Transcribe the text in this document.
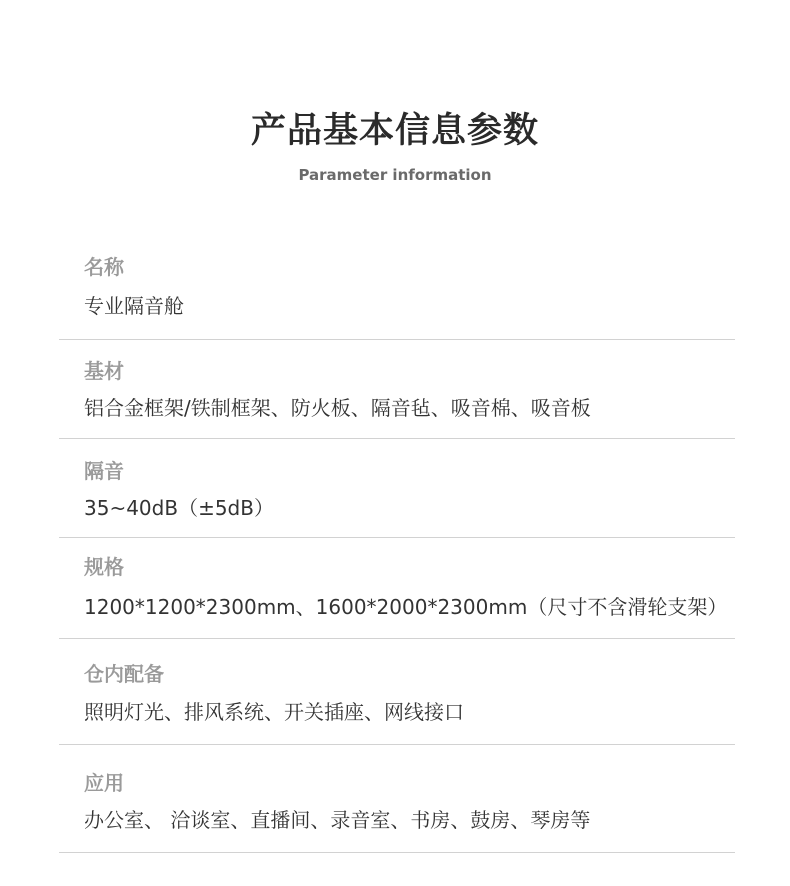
产品基本信息参数
Parameter information
名称
专业隔音舱
基材
铝合金框架/铁制框架、防火板、隔音毡、吸音棉、吸音板
隔音
35~40dB（±5dB）
规格
1200*1200*2300mm、1600*2000*2300mm（尺寸不含滑轮支架）
仓内配备
照明灯光、排风系统、开关插座、网线接口
应用
办公室、 洽谈室、直播间、录音室、书房、鼓房、琴房等
